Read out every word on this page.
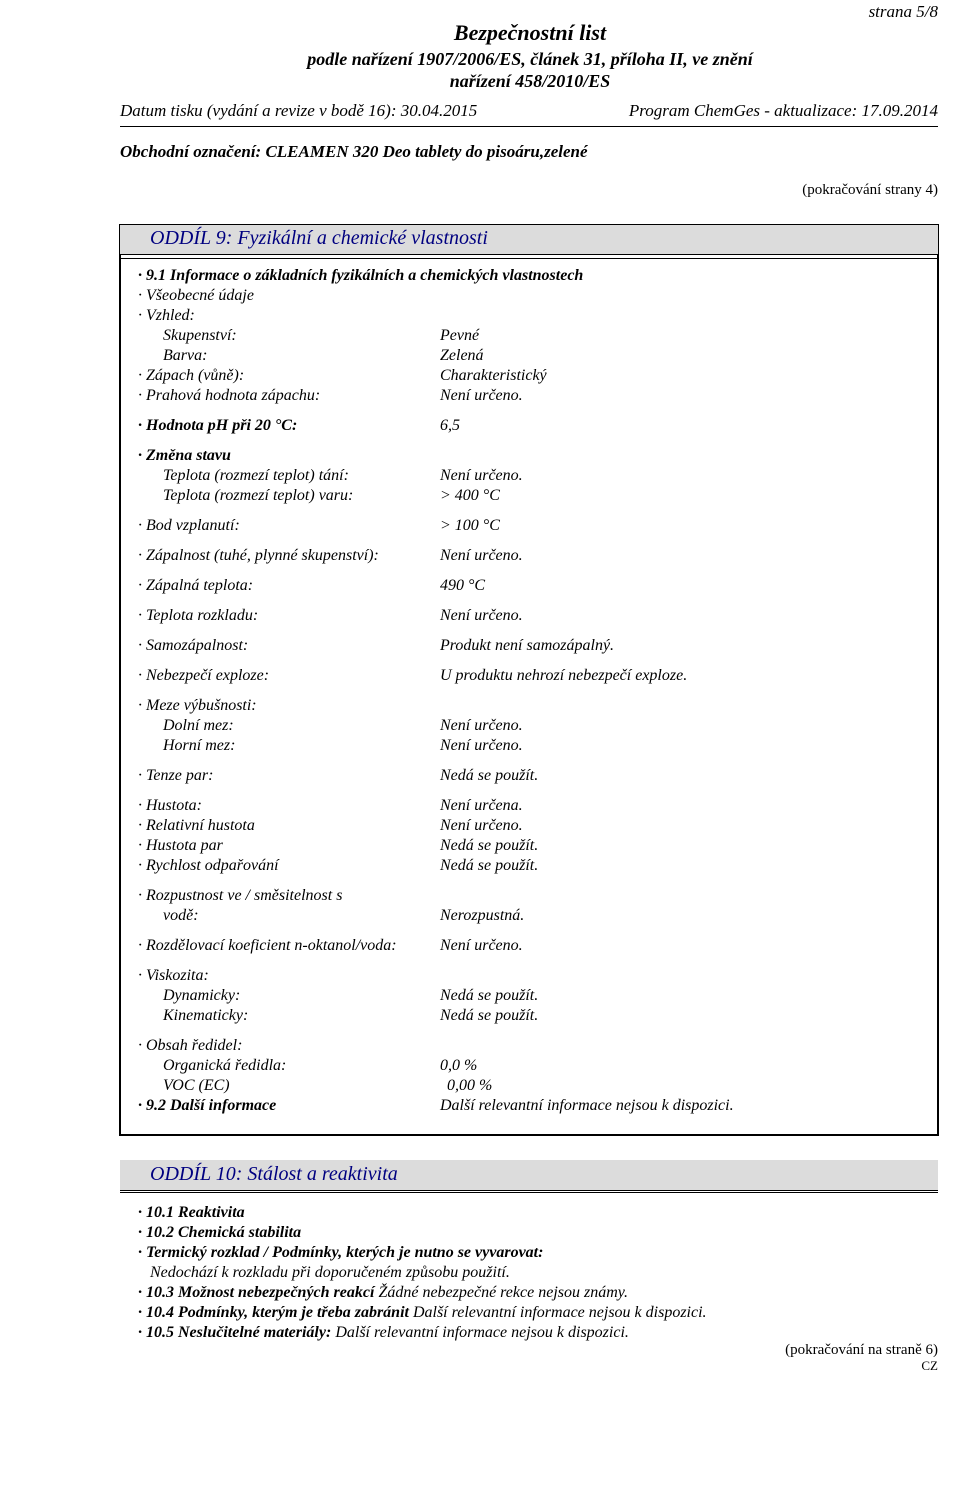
strana 5/8
Bezpečnostní list
podle nařízení 1907/2006/ES, článek 31, příloha II, ve znění
nařízení 458/2010/ES
Datum tisku (vydání a revize v bodě 16): 30.04.2015	Program ChemGes - aktualizace: 17.09.2014
Obchodní označení: CLEAMEN 320 Deo tablety do pisoáru,zelené
(pokračování strany 4)
ODDÍL 9: Fyzikální a chemické vlastnosti
· 9.1 Informace o základních fyzikálních a chemických vlastnostech
· Všeobecné údaje
· Vzhled:
Skupenství:	Pevné
Barva:	Zelená
· Zápach (vůně):	Charakteristický
· Prahová hodnota zápachu:	Není určeno.
· Hodnota pH při 20 °C:	6,5
· Změna stavu
Teplota (rozmezí teplot) tání:	Není určeno.
Teplota (rozmezí teplot) varu:	> 400 °C
· Bod vzplanutí:	> 100 °C
· Zápalnost (tuhé, plynné skupenství):	Není určeno.
· Zápalná teplota:	490 °C
· Teplota rozkladu:	Není určeno.
· Samozápalnost:	Produkt není samozápalný.
· Nebezpečí exploze:	U produktu nehrozí nebezpečí exploze.
· Meze výbušnosti:
Dolní mez:	Není určeno.
Horní mez:	Není určeno.
· Tenze par:	Nedá se použít.
· Hustota:	Není určena.
· Relativní hustota	Není určeno.
· Hustota par	Nedá se použít.
· Rychlost odpařování	Nedá se použít.
· Rozpustnost ve / směsitelnost s
vodě:	Nerozpustná.
· Rozdělovací koeficient n-oktanol/voda:	Není určeno.
· Viskozita:
Dynamicky:	Nedá se použít.
Kinematicky:	Nedá se použít.
· Obsah ředidel:
Organická ředidla:	0,0 %
VOC (EC)	0,00 %
· 9.2 Další informace	Další relevantní informace nejsou k dispozici.
ODDÍL 10: Stálost a reaktivita
· 10.1 Reaktivita
· 10.2 Chemická stabilita
· Termický rozklad / Podmínky, kterých je nutno se vyvarovat:
Nedochází k rozkladu při doporučeném způsobu použití.
· 10.3 Možnost nebezpečných reakcí Žádné nebezpečné rekce nejsou známy.
· 10.4 Podmínky, kterým je třeba zabránit Další relevantní informace nejsou k dispozici.
· 10.5 Neslučitelné materiály: Další relevantní informace nejsou k dispozici.
(pokračování na straně 6)
CZ
